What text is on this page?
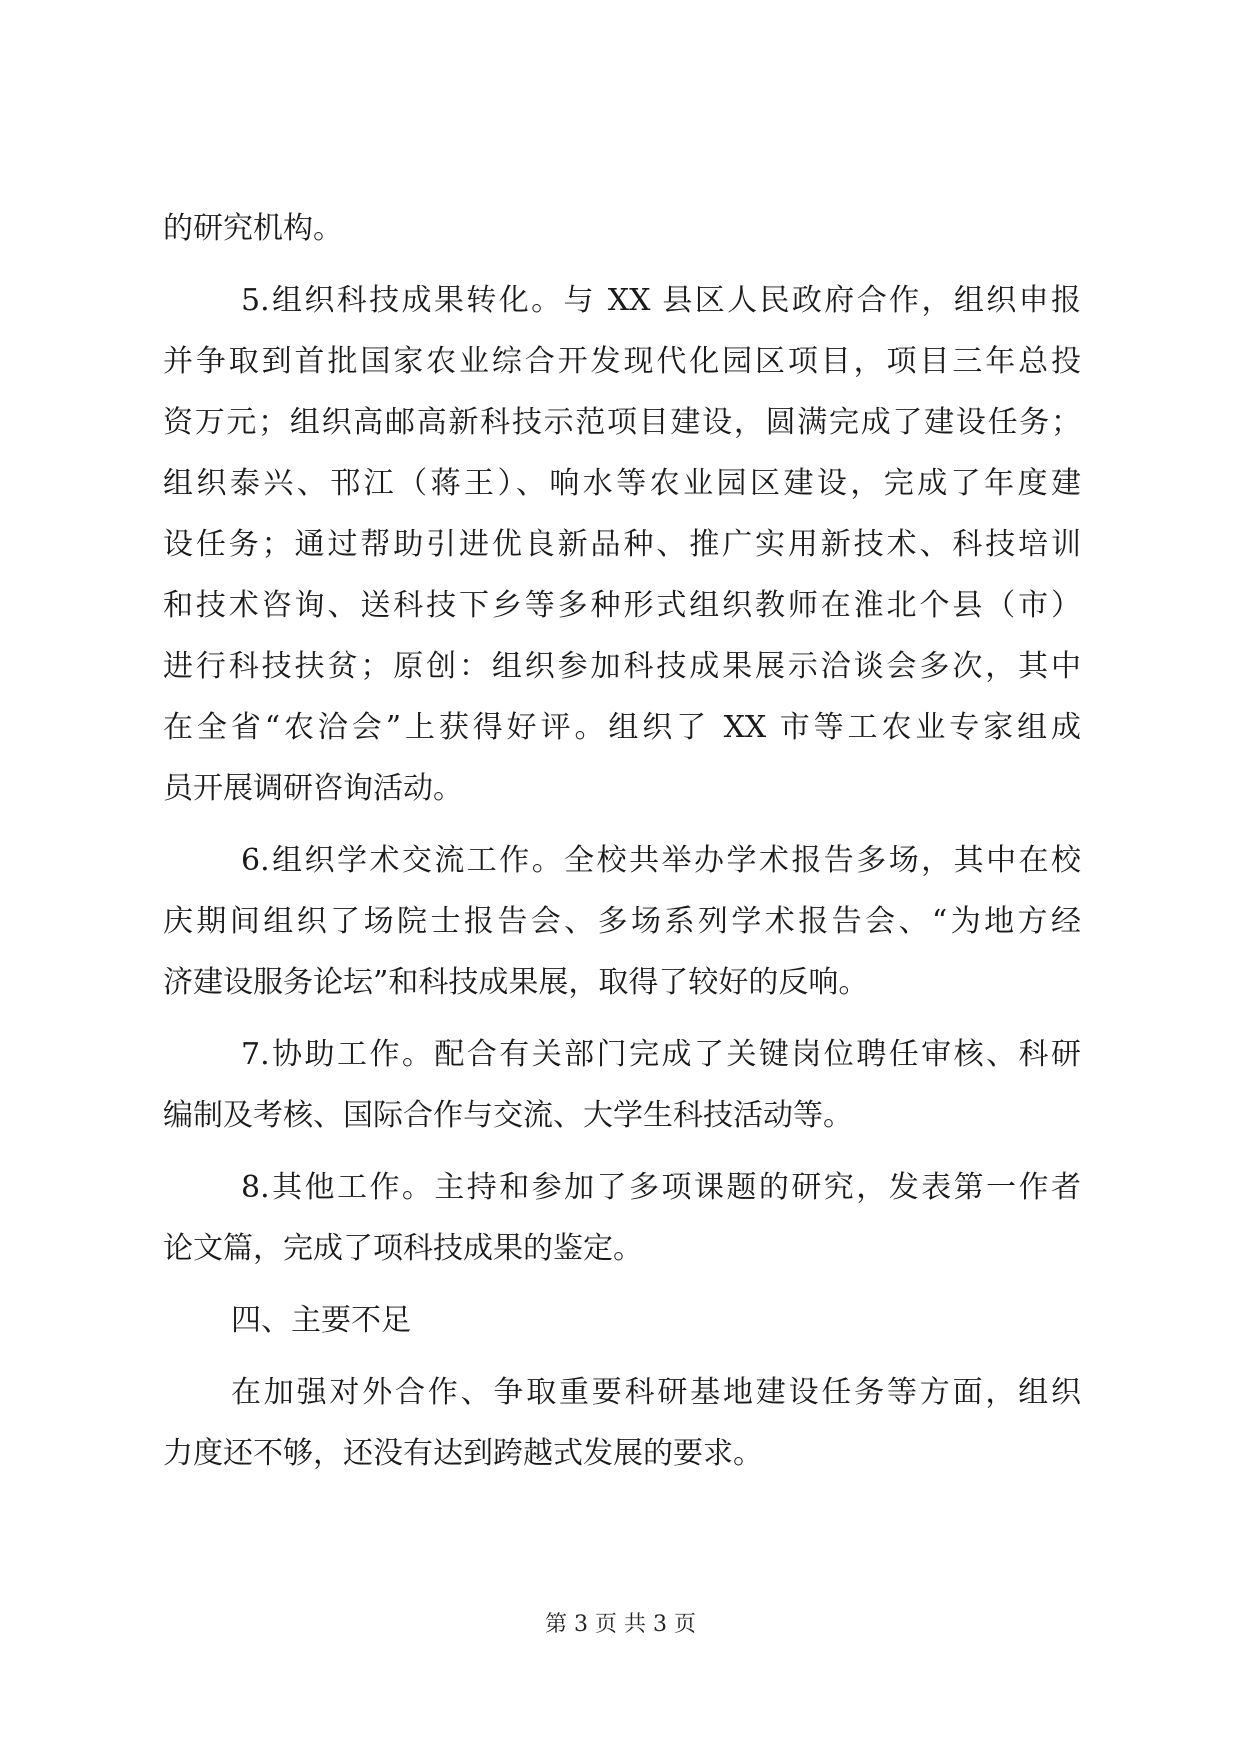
的研究机构。
5.组织科技成果转化。与 XX 县区人民政府合作，组织申报
并争取到首批国家农业综合开发现代化园区项目，项目三年总投
资万元；组织高邮高新科技示范项目建设，圆满完成了建设任务；
组织泰兴、邗江（蒋王）、响水等农业园区建设，完成了年度建
设任务；通过帮助引进优良新品种、推广实用新技术、科技培训
和技术咨询、送科技下乡等多种形式组织教师在淮北个县（市）
进行科技扶贫；原创：组织参加科技成果展示洽谈会多次，其中
在全省“农洽会”上获得好评。组织了 XX 市等工农业专家组成
员开展调研咨询活动。
6.组织学术交流工作。全校共举办学术报告多场，其中在校
庆期间组织了场院士报告会、多场系列学术报告会、“为地方经
济建设服务论坛”和科技成果展，取得了较好的反响。
7.协助工作。配合有关部门完成了关键岗位聘任审核、科研
编制及考核、国际合作与交流、大学生科技活动等。
8.其他工作。主持和参加了多项课题的研究，发表第一作者
论文篇，完成了项科技成果的鉴定。
四、主要不足
在加强对外合作、争取重要科研基地建设任务等方面，组织
力度还不够，还没有达到跨越式发展的要求。
第 3 页 共 3 页
